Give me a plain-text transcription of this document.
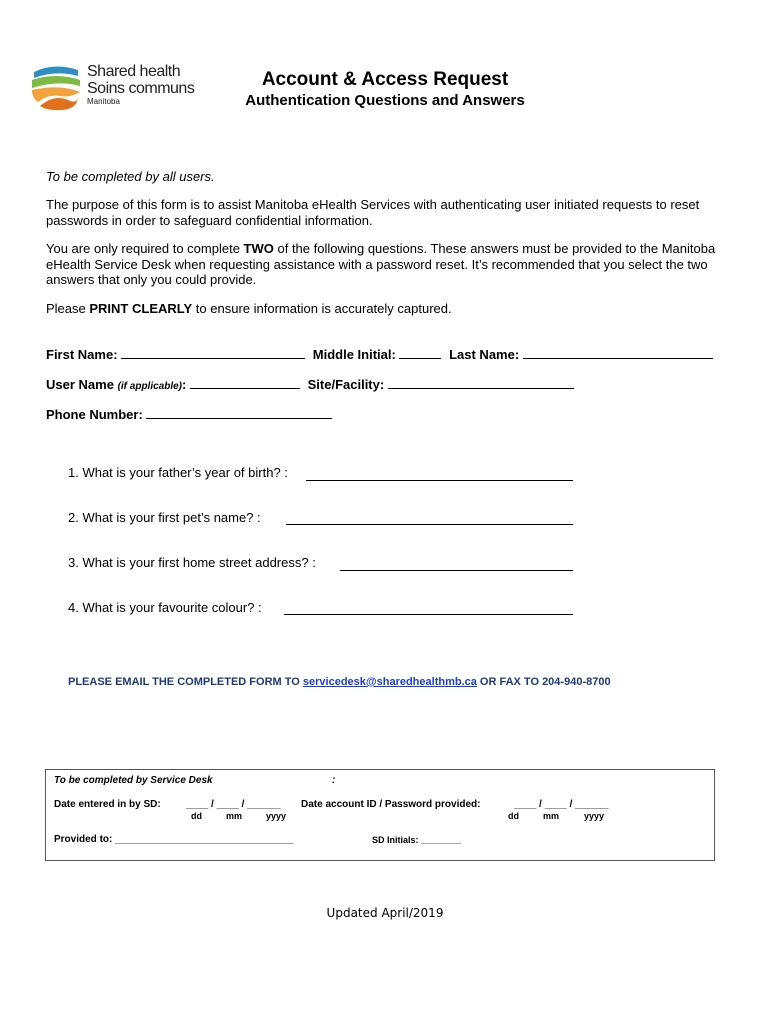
Shared health
Soins communs
Manitoba
Account & Access Request
Authentication Questions and Answers
To be completed by all users.
The purpose of this form is to assist Manitoba eHealth Services with authenticating user initiated requests to reset passwords in order to safeguard confidential information.
You are only required to complete TWO of the following questions. These answers must be provided to the Manitoba eHealth Service Desk when requesting assistance with a password reset. It’s recommended that you select the two answers that only you could provide.
Please PRINT CLEARLY to ensure information is accurately captured.
First Name:	Middle Initial:	Last Name:
User Name (if applicable):	Site/Facility:
Phone Number:
1. What is your father’s year of birth? :
2. What is your first pet’s name? :
3. What is your first home street address? :
4. What is your favourite colour? :
PLEASE EMAIL THE COMPLETED FORM TO servicedesk@sharedhealthmb.ca OR FAX TO 204-940-8700
To be completed by Service Desk	:
Date entered in by SD:	____ / ____ / ______
dd	mm	yyyy
Date account ID / Password provided:	____ / ____ / ______
dd	mm	yyyy
Provided to: ________________________________	SD Initials: ________
Updated April/2019
